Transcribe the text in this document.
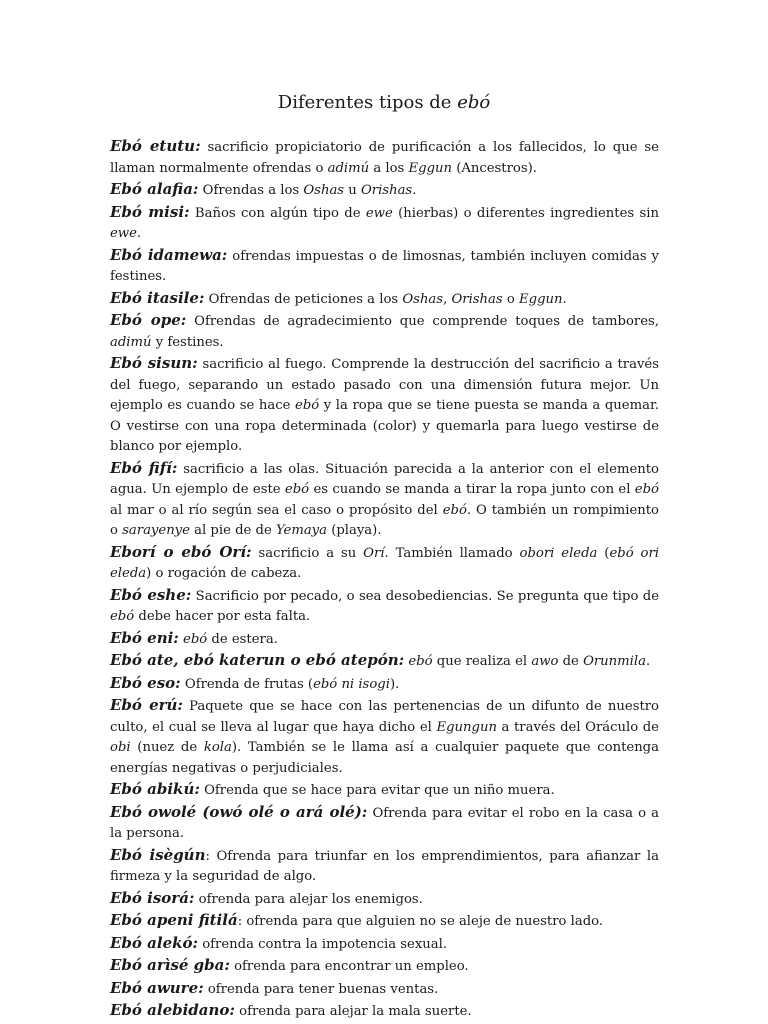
Diferentes tipos de ebó

Ebó etutu: sacrificio propiciatorio de purificación a los fallecidos, lo que se llaman normalmente ofrendas o adimú a los Eggun (Ancestros).

Ebó alafia: Ofrendas a los Oshas u Orishas.

Ebó misi: Baños con algún tipo de ewe (hierbas) o diferentes ingredientes sin ewe.

Ebó idamewa: ofrendas impuestas o de limosnas, también incluyen comidas y festines.

Ebó itasile: Ofrendas de peticiones a los Oshas, Orishas o Eggun.

Ebó ope: Ofrendas de agradecimiento que comprende toques de tambores, adimú y festines.

Ebó sisun: sacrificio al fuego. Comprende la destrucción del sacrificio a través del fuego, separando un estado pasado con una dimensión futura mejor. Un ejemplo es cuando se hace ebó y la ropa que se tiene puesta se manda a quemar. O vestirse con una ropa determinada (color) y quemarla para luego vestirse de blanco por ejemplo.

Ebó fifí: sacrificio a las olas. Situación parecida a la anterior con el elemento agua. Un ejemplo de este ebó es cuando se manda a tirar la ropa junto con el ebó al mar o al río según sea el caso o propósito del ebó. O también un rompimiento o sarayenye al pie de de Yemaya (playa).

Eborí o ebó Orí: sacrificio a su Orí. También llamado obori eleda (ebó ori eleda) o rogación de cabeza.

Ebó eshe: Sacrificio por pecado, o sea desobediencias. Se pregunta que tipo de ebó debe hacer por esta falta.

Ebó eni: ebó de estera.

Ebó ate, ebó katerun o ebó atepón: ebó que realiza el awo de Orunmila.

Ebó eso: Ofrenda de frutas (ebó ni isogi).

Ebó erú: Paquete que se hace con las pertenencias de un difunto de nuestro culto, el cual se lleva al lugar que haya dicho el Egungun a través del Oráculo de obi (nuez de kola). También se le llama así a cualquier paquete que contenga energías negativas o perjudiciales.

Ebó abikú: Ofrenda que se hace para evitar que un niño muera.

Ebó owolé (owó olé o ará olé): Ofrenda para evitar el robo en la casa o a la persona.

Ebó isègún: Ofrenda para triunfar en los emprendimientos, para afianzar la firmeza y la seguridad de algo.

Ebó isorá: ofrenda para alejar los enemigos.

Ebó apeni fitilá: ofrenda para que alguien no se aleje de nuestro lado.

Ebó alekó: ofrenda contra la impotencia sexual.

Ebó arìsé gba: ofrenda para encontrar un empleo.

Ebó awure: ofrenda para tener buenas ventas.

Ebó alebidano: ofrenda para alejar la mala suerte.
